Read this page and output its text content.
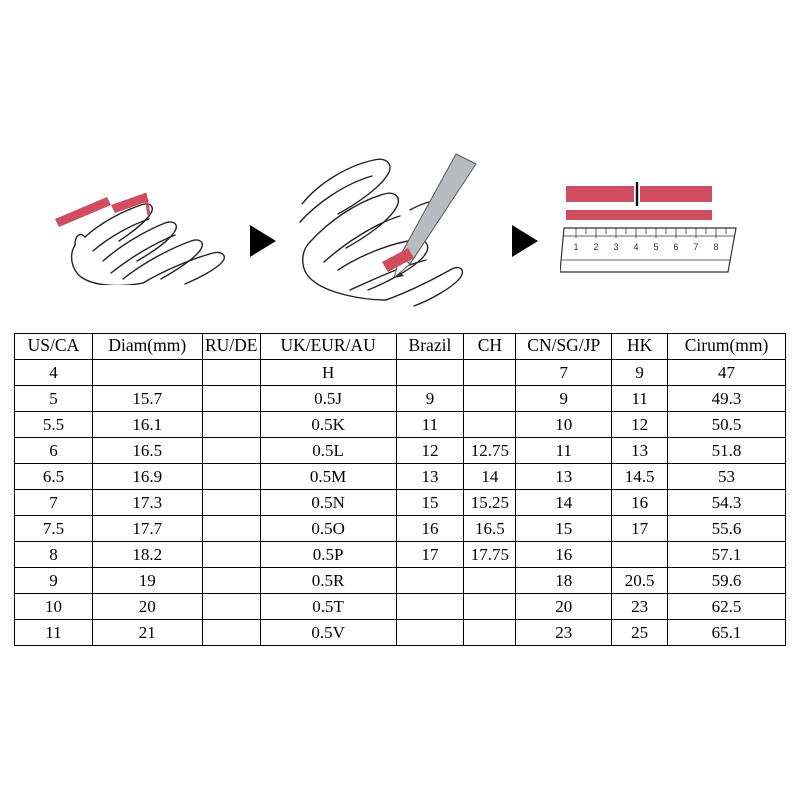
1 2 3 4 5 6 7 8
US/CA	Diam(mm)	RU/DE	UK/EUR/AU	Brazil	CH	CN/SG/JP	HK	Cirum(mm)
4			H			7	9	47
5	15.7		0.5J	9		9	11	49.3
5.5	16.1		0.5K	11		10	12	50.5
6	16.5		0.5L	12	12.75	11	13	51.8
6.5	16.9		0.5M	13	14	13	14.5	53
7	17.3		0.5N	15	15.25	14	16	54.3
7.5	17.7		0.5O	16	16.5	15	17	55.6
8	18.2		0.5P	17	17.75	16		57.1
9	19		0.5R			18	20.5	59.6
10	20		0.5T			20	23	62.5
11	21		0.5V			23	25	65.1
